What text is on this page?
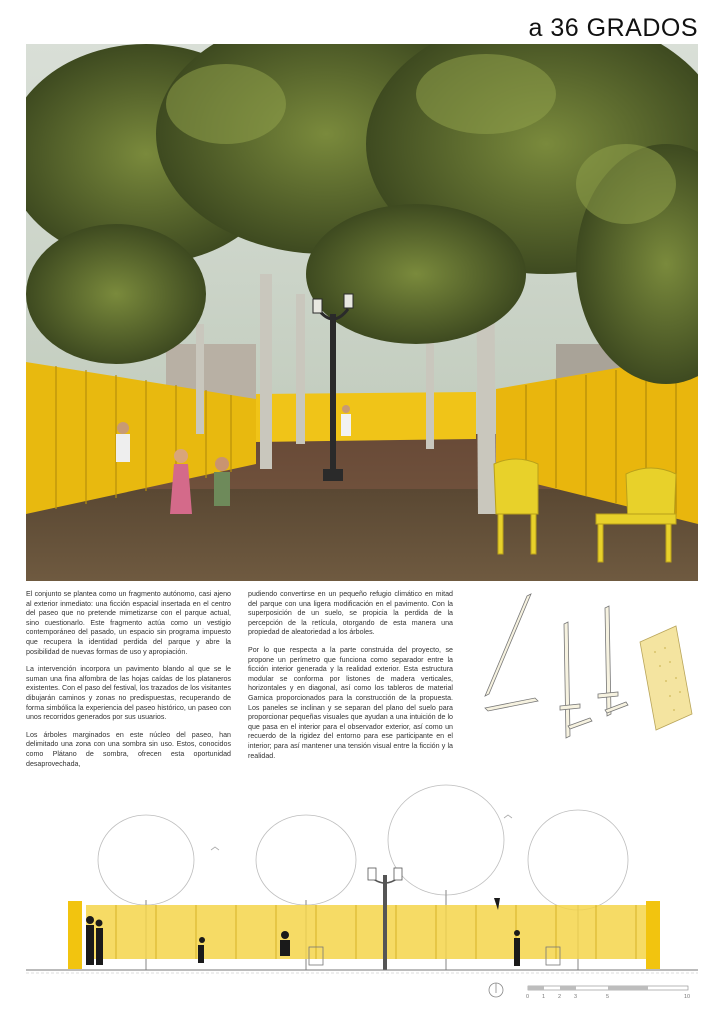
a 36 GRADOS

El conjunto se plantea como un fragmento autónomo, casi ajeno al exterior inmediato: una ficción espacial insertada en el centro del paseo que no pretende mimetizarse con el parque actual, sino cuestionarlo. Este fragmento actúa como un vestigio contemporáneo del pasado, un espacio sin programa impuesto que recupera la identidad perdida del parque y abre la posibilidad de nuevas formas de uso y apropiación.

La intervención incorpora un pavimento blando al que se le suman una fina alfombra de las hojas caídas de los plataneros existentes. Con el paso del festival, los trazados de los visitantes dibujarán caminos y zonas no predispuestas, recuperando de forma simbólica la experiencia del paseo histórico, un paseo con unos recorridos generados por sus usuarios.

Los árboles marginados en este núcleo del paseo, han delimitado una zona con una sombra sin uso. Estos, conocidos como Plátano de sombra, ofrecen esta oportunidad desaprovechada,

pudiendo convertirse en un pequeño refugio climático en mitad del parque con una ligera modificación en el pavimento. Con la superposición de un suelo, se propicia la perdida de la percepción de la retícula, otorgando de esta manera una propiedad de aleatoriedad a los árboles.

Por lo que respecta a la parte construida del proyecto, se propone un perímetro que funciona como separador entre la ficción interior generada y la realidad exterior. Esta estructura modular se conforma por listones de madera verticales, horizontales y en diagonal, así como los tableros de material Garnica proporcionados para la construcción de la propuesta. Los paneles se inclinan y se separan del plano del suelo para proporcionar pequeñas visuales que ayudan a una intuición de lo que pasa en el interior para el observador exterior, así como un recuerdo de la rigidez del entorno para ese participante en el interior; para así mantener una tensión visual entre la ficción y la realidad.

0 1 2 3	5	10
